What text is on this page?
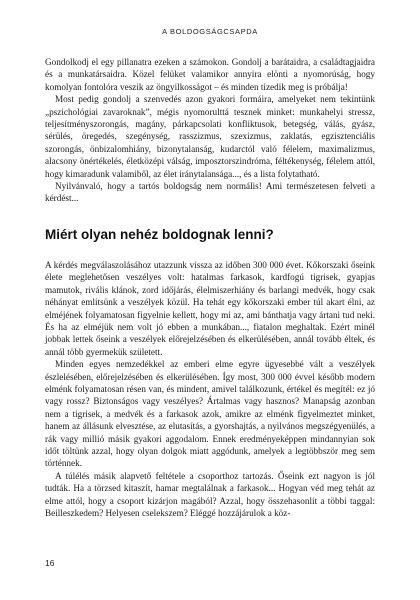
A BOLDOGSÁGCSAPDA

Gondolkodj el egy pillanatra ezeken a számokon. Gondolj a barátaidra, a családtagjaidra és a munkatársaidra. Közel felüket valamikor annyira elönti a nyomorúság, hogy komolyan fontolóra veszik az öngyilkosságot – és minden tizedik meg is próbálja!

Most pedig gondolj a szenvedés azon gyakori formáira, amelyeket nem tekintünk „pszichológiai zavaroknak”, mégis nyomorulttá tesznek minket: munkahelyi stressz, teljesítményszorongás, magány, párkapcsolati konfliktusok, betegség, válás, gyász, sérülés, öregedés, szegénység, rasszizmus, szexizmus, zaklatás, egzisztenciális szorongás, önbizalomhiány, bizonytalanság, kudarctól való félelem, maximalizmus, alacsony önértékelés, életközépi válság, imposztorszindróma, féltékenység, félelem attól, hogy kimaradunk valamiből, az élet iránytalansága..., és a lista folytatható.

Nyilvánvaló, hogy a tartós boldogság nem normális! Ami természetesen felveti a kérdést...

Miért olyan nehéz boldognak lenni?

A kérdés megválaszolásához utazzunk vissza az időben 300 000 évet. Kőkorszaki őseink élete meglehetősen veszélyes volt: hatalmas farkasok, kardfogú tigrisek, gyapjas mamutok, rivális klánok, zord időjárás, élelmiszerhiány és barlangi medvék, hogy csak néhányat említsünk a veszélyek közül. Ha tehát egy kőkorszaki ember túl akart élni, az elméjének folyamatosan figyelnie kellett, hogy mi az, ami bánthatja vagy ártani tud neki. És ha az elméjük nem volt jó ebben a munkában..., fiatalon meghaltak. Ezért minél jobbak lettek őseink a veszélyek előrejelzésében és elkerülésében, annál tovább éltek, és annál több gyermekük született.

Minden egyes nemzedékkel az emberi elme egyre ügyesebbé vált a veszélyek észlelésében, előrejelzésében és elkerülésében. Így most, 300 000 évvel később modern elménk folyamatosan résen van, és mindent, amivel találkozunk, értékel és megítél: ez jó vagy rossz? Biztonságos vagy veszélyes? Ártalmas vagy hasznos? Manapság azonban nem a tigrisek, a medvék és a farkasok azok, amikre az elménk figyelmeztet minket, hanem az állásunk elvesztése, az elutasítás, a gyorshajtás, a nyilvános megszégyenülés, a rák vagy millió másik gyakori aggodalom. Ennek eredményeképpen mindannyian sok időt töltünk azzal, hogy olyan dolgok miatt aggódunk, amelyek a legtöbbször meg sem történnek.

A túlélés másik alapvető feltétele a csoporthoz tartozás. Őseink ezt nagyon is jól tudták. Ha a törzsed kitaszít, hamar megtalálnak a farkasok... Hogyan véd meg tehát az elme attól, hogy a csoport kizárjon magából? Azzal, hogy összehasonlít a többi taggal: Beilleszkedem? Helyesen cselekszem? Eléggé hozzájárulok a köz-

16
